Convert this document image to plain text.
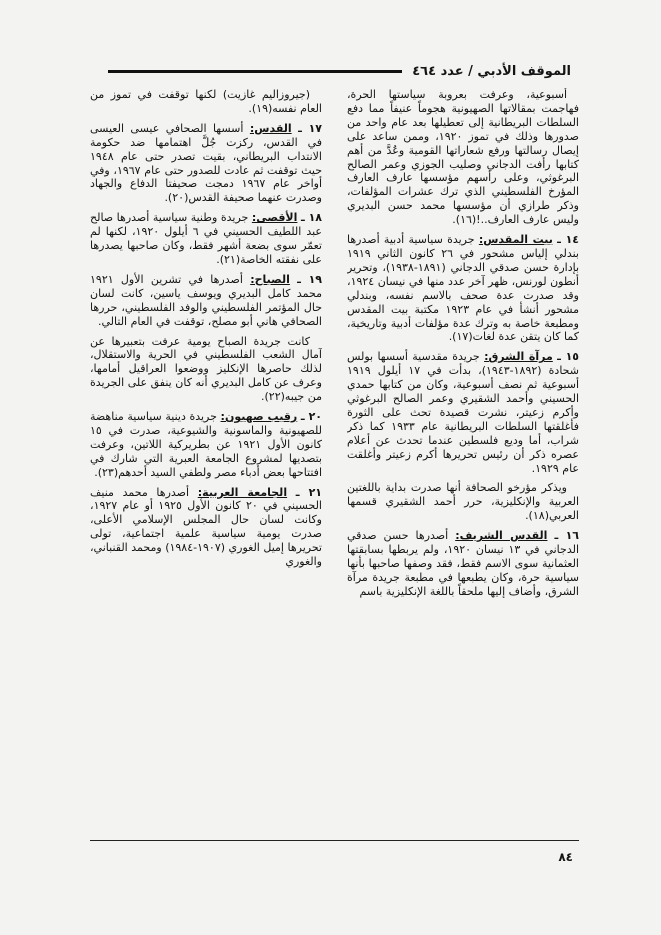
الموقف الأدبي / عدد ٤٦٤

أسبوعية، وعرفت بعروبة سياستها الحرة، فهاجمت بمقالاتها الصهيونية هجوماً عنيفاً مما دفع السلطات البريطانية إلى تعطيلها بعد عام واحد من صدورها وذلك في تموز ١٩٢٠، وممن ساعد على إيصال رسالتها ورفع شعاراتها القومية وعُدَّ من أهم كتابها رأفت الدجاني وصليب الجوزي وعمر الصالح البرغوثي، وعلى رأسهم مؤسسها عارف العارف المؤرخ الفلسطيني الذي ترك عشرات المؤلفات، وذكر طرازي أن مؤسسها محمد حسن البديري وليس عارف العارف..!(١٦).

١٤ ـ بيت المقدس: جريدة سياسية أدبية أصدرها بندلي إلياس مشحور في ٢٦ كانون الثاني ١٩١٩ بإدارة حسن صدقي الدجاني (١٨٩١-١٩٣٨)، وتحرير أنطون لورنس، ظهر آخر عدد منها في نيسان ١٩٢٤، وقد صدرت عدة صحف بالاسم نفسه، وبندلي مشحور أنشأ في عام ١٩٢٣ مكتبة بيت المقدس ومطبعة خاصة به وترك عدة مؤلفات أدبية وتاريخية، كما كان يتقن عدة لغات(١٧).

١٥ ـ مرآة الشرق: جريدة مقدسية أسسها بولس شحادة (١٨٩٢-١٩٤٣)، بدأت في ١٧ أيلول ١٩١٩ أسبوعية ثم نصف أسبوعية، وكان من كتابها حمدي الحسيني وأحمد الشقيري وعمر الصالح البرغوثي وأكرم زعيتر، نشرت قصيدة تحث على الثورة فأغلقتها السلطات البريطانية عام ١٩٣٣ كما ذكر شراب، أما وديع فلسطين عندما تحدث عن أعلام عصره ذكر أن رئيس تحريرها أكرم زعيتر وأغلقت عام ١٩٢٩.

ويذكر مؤرخو الصحافة أنها صدرت بداية باللغتين العربية والإنكليزية، حرر أحمد الشقيري قسمها العربي(١٨).

١٦ ـ القدس الشريف: أصدرها حسن صدقي الدجاني في ١٣ نيسان ١٩٢٠، ولم يربطها بسابقتها العثمانية سوى الاسم فقط، فقد وصفها صاحبها بأنها سياسية حرة، وكان يطبعها في مطبعة جريدة مرآة الشرق، وأضاف إليها ملحقاً باللغة الإنكليزية باسم

(جيروزاليم غازيت) لكنها توقفت في تموز من العام نفسه(١٩).

١٧ ـ القدس: أسسها الصحافي عيسى العيسى في القدس، ركزت جُلَّ اهتمامها ضد حكومة الانتداب البريطاني، بقيت تصدر حتى عام ١٩٤٨ حيث توقفت ثم عادت للصدور حتى عام ١٩٦٧، وفي أواخر عام ١٩٦٧ دمجت صحيفتا الدفاع والجهاد وصدرت عنهما صحيفة القدس(٢٠).

١٨ ـ الأقصى: جريدة وطنية سياسية أصدرها صالح عبد اللطيف الحسيني في ٦ أيلول ١٩٢٠، لكنها لم تعمّر سوى بضعة أشهر فقط، وكان صاحبها يصدرها على نفقته الخاصة(٢١).

١٩ ـ الصباح: أصدرها في تشرين الأول ١٩٢١ محمد كامل البديري ويوسف ياسين، كانت لسان حال المؤتمر الفلسطيني والوفد الفلسطيني، حررها الصحافي هاني أبو مصلح، توقفت في العام التالي.

كانت جريدة الصباح يومية عرفت بتعبيرها عن آمال الشعب الفلسطيني في الحرية والاستقلال، لذلك حاصرها الإنكليز ووضعوا العراقيل أمامها، وعرف عن كامل البديري أنه كان ينفق على الجريدة من جيبه(٢٢).

٢٠ ـ رقيب صهيون: جريدة دينية سياسية مناهضة للصهيونية والماسونية والشيوعية، صدرت في ١٥ كانون الأول ١٩٢١ عن بطريركية اللاتين، وعرفت بتصديها لمشروع الجامعة العبرية التي شارك في افتتاحها بعض أدباء مصر ولطفي السيد أحدهم(٢٣).

٢١ ـ الجامعة العربية: أصدرها محمد منيف الحسيني في ٢٠ كانون الأول ١٩٢٥ أو عام ١٩٢٧، وكانت لسان حال المجلس الإسلامي الأعلى، صدرت يومية سياسية علمية اجتماعية، تولى تحريرها إميل الغوري (١٩٠٧-١٩٨٤) ومحمد القنباني، والغوري

٨٤
